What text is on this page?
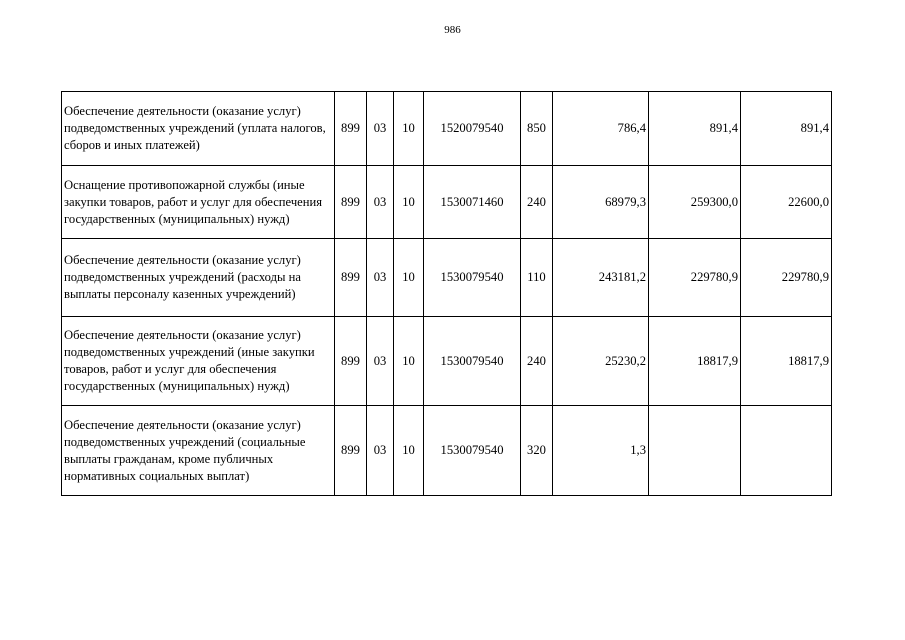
986
Обеспечение деятельности (оказание услуг) подведомственных учреждений (уплата налогов, сборов и иных платежей)	899	03	10	1520079540	850	786,4	891,4	891,4
Оснащение противопожарной службы (иные закупки товаров, работ и услуг для обеспечения государственных (муниципальных) нужд)	899	03	10	1530071460	240	68979,3	259300,0	22600,0
Обеспечение деятельности (оказание услуг) подведомственных учреждений (расходы на выплаты персоналу казенных учреждений)	899	03	10	1530079540	110	243181,2	229780,9	229780,9
Обеспечение деятельности (оказание услуг) подведомственных учреждений (иные закупки товаров, работ и услуг для обеспечения государственных (муниципальных) нужд)	899	03	10	1530079540	240	25230,2	18817,9	18817,9
Обеспечение деятельности (оказание услуг) подведомственных учреждений (социальные выплаты гражданам, кроме публичных нормативных социальных выплат)	899	03	10	1530079540	320	1,3		
